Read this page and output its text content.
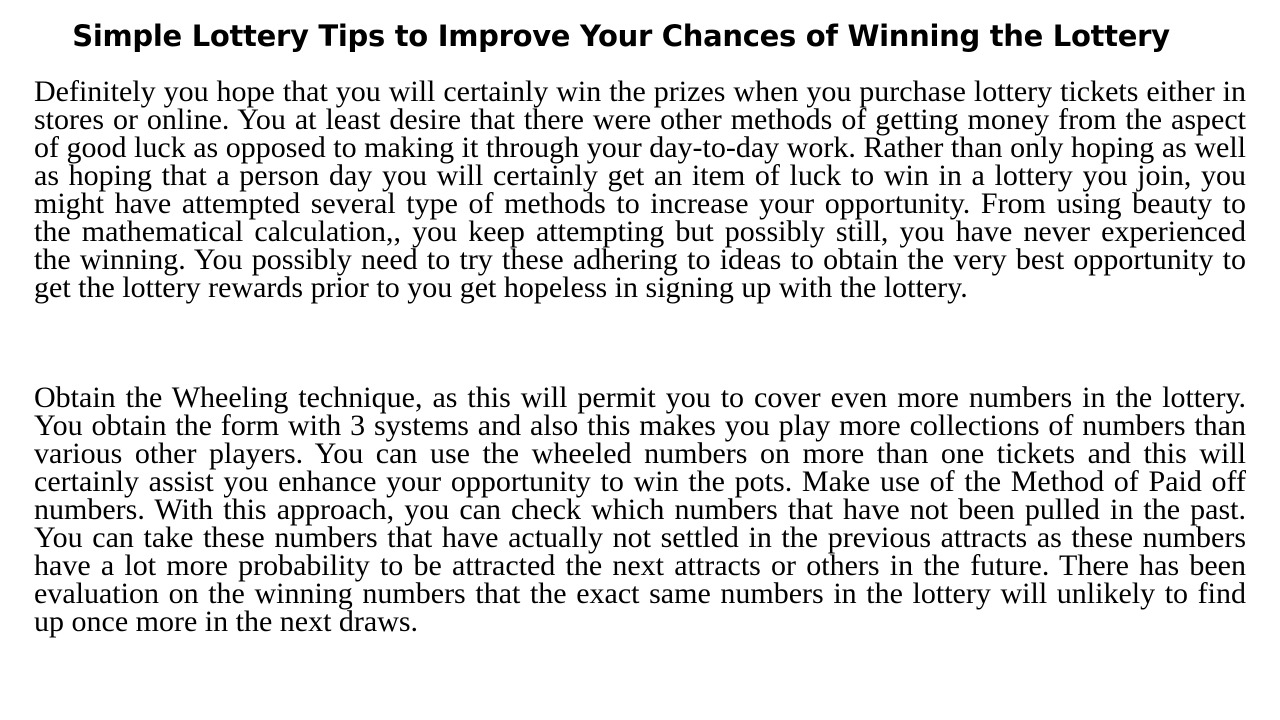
Simple Lottery Tips to Improve Your Chances of Winning the Lottery

Definitely you hope that you will certainly win the prizes when you purchase lottery tickets either in stores or online. You at least desire that there were other methods of getting money from the aspect of good luck as opposed to making it through your day-to-day work. Rather than only hoping as well as hoping that a person day you will certainly get an item of luck to win in a lottery you join, you might have attempted several type of methods to increase your opportunity. From using beauty to the mathematical calculation,, you keep attempting but possibly still, you have never experienced the winning. You possibly need to try these adhering to ideas to obtain the very best opportunity to get the lottery rewards prior to you get hopeless in signing up with the lottery.

Obtain the Wheeling technique, as this will permit you to cover even more numbers in the lottery. You obtain the form with 3 systems and also this makes you play more collections of numbers than various other players. You can use the wheeled numbers on more than one tickets and this will certainly assist you enhance your opportunity to win the pots. Make use of the Method of Paid off numbers. With this approach, you can check which numbers that have not been pulled in the past. You can take these numbers that have actually not settled in the previous attracts as these numbers have a lot more probability to be attracted the next attracts or others in the future. There has been evaluation on the winning numbers that the exact same numbers in the lottery will unlikely to find up once more in the next draws.
